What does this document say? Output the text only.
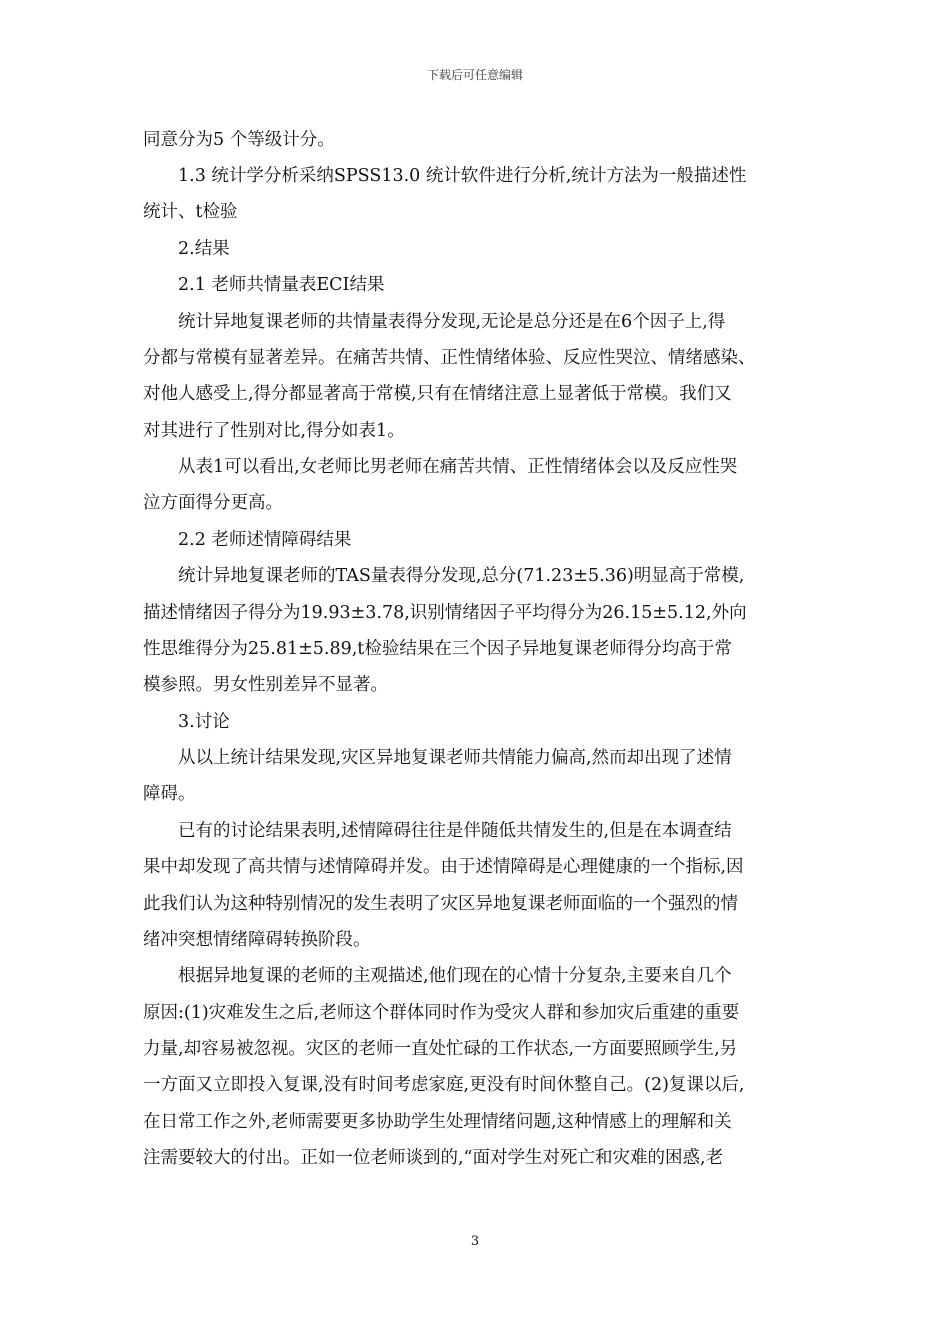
下载后可任意编辑
同意分为5 个等级计分。
1.3 统计学分析采纳SPSS13.0 统计软件进行分析,统计方法为一般描述性
统计、t检验
2.结果
2.1 老师共情量表ECI结果
统计异地复课老师的共情量表得分发现,无论是总分还是在6个因子上,得
分都与常模有显著差异。在痛苦共情、正性情绪体验、反应性哭泣、情绪感染、
对他人感受上,得分都显著高于常模,只有在情绪注意上显著低于常模。我们又
对其进行了性别对比,得分如表1。
从表1可以看出,女老师比男老师在痛苦共情、正性情绪体会以及反应性哭
泣方面得分更高。
2.2 老师述情障碍结果
统计异地复课老师的TAS量表得分发现,总分(71.23±5.36)明显高于常模,
描述情绪因子得分为19.93±3.78,识别情绪因子平均得分为26.15±5.12,外向
性思维得分为25.81±5.89,t检验结果在三个因子异地复课老师得分均高于常
模参照。男女性别差异不显著。
3.讨论
从以上统计结果发现,灾区异地复课老师共情能力偏高,然而却出现了述情
障碍。
已有的讨论结果表明,述情障碍往往是伴随低共情发生的,但是在本调查结
果中却发现了高共情与述情障碍并发。由于述情障碍是心理健康的一个指标,因
此我们认为这种特别情况的发生表明了灾区异地复课老师面临的一个强烈的情
绪冲突想情绪障碍转换阶段。
根据异地复课的老师的主观描述,他们现在的心情十分复杂,主要来自几个
原因:(1)灾难发生之后,老师这个群体同时作为受灾人群和参加灾后重建的重要
力量,却容易被忽视。灾区的老师一直处忙碌的工作状态,一方面要照顾学生,另
一方面又立即投入复课,没有时间考虑家庭,更没有时间休整自己。(2)复课以后,
在日常工作之外,老师需要更多协助学生处理情绪问题,这种情感上的理解和关
注需要较大的付出。正如一位老师谈到的,“面对学生对死亡和灾难的困惑,老
3
